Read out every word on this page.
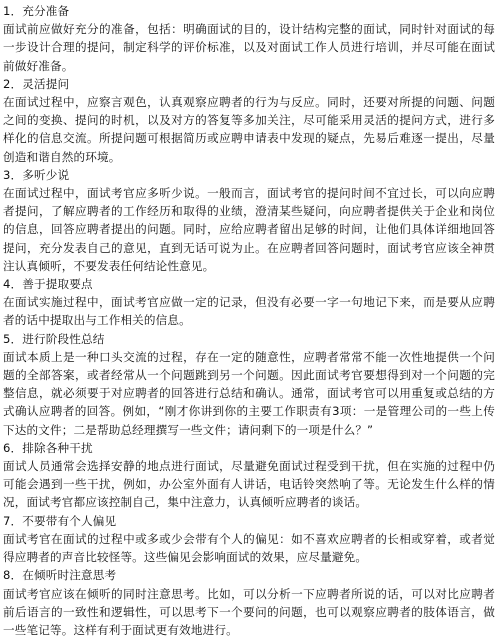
1．充分准备

面试前应做好充分的准备，包括：明确面试的目的，设计结构完整的面试，同时针对面试的每一步设计合理的提问，制定科学的评价标准，以及对面试工作人员进行培训，并尽可能在面试前做好准备。

2．灵活提问

在面试过程中，应察言观色，认真观察应聘者的行为与反应。同时，还要对所提的问题、问题之间的变换、提问的时机，以及对方的答复等多加关注，尽可能采用灵活的提问方式，进行多样化的信息交流。所提问题可根据简历或应聘申请表中发现的疑点，先易后难逐一提出，尽量创造和谐自然的环境。

3．多听少说

在面试过程中，面试考官应多听少说。一般而言，面试考官的提问时间不宜过长，可以向应聘者提问，了解应聘者的工作经历和取得的业绩，澄清某些疑问，向应聘者提供关于企业和岗位的信息，回答应聘者提出的问题。同时，应给应聘者留出足够的时间，让他们具体详细地回答提问，充分发表自己的意见，直到无话可说为止。在应聘者回答问题时，面试考官应该全神贯注认真倾听，不要发表任何结论性意见。

4．善于提取要点

在面试实施过程中，面试考官应做一定的记录，但没有必要一字一句地记下来，而是要从应聘者的话中提取出与工作相关的信息。

5．进行阶段性总结

面试本质上是一种口头交流的过程，存在一定的随意性，应聘者常常不能一次性地提供一个问题的全部答案，或者经常从一个问题跳到另一个问题。因此面试考官要想得到对一个问题的完整信息，就必须要于对应聘者的回答进行总结和确认。通常，面试考官可以用重复或总结的方式确认应聘者的回答。例如，“刚才你讲到你的主要工作职责有3项：一是管理公司的一些上传下达的文件；二是帮助总经理撰写一些文件；请问剩下的一项是什么？”

6．排除各种干扰

面试人员通常会选择安静的地点进行面试，尽量避免面试过程受到干扰，但在实施的过程中仍可能会遇到一些干扰，例如，办公室外面有人讲话，电话铃突然响了等。无论发生什么样的情况，面试考官都应该控制自己，集中注意力，认真倾听应聘者的谈话。

7．不要带有个人偏见

面试考官在面试的过程中或多或少会带有个人的偏见：如不喜欢应聘者的长相或穿着，或者觉得应聘者的声音比较怪等。这些偏见会影响面试的效果，应尽量避免。

8．在倾听时注意思考

面试考官应该在倾听的同时注意思考。比如，可以分析一下应聘者所说的话，可以对比应聘者前后语言的一致性和逻辑性，可以思考下一个要问的问题，也可以观察应聘者的肢体语言，做一些笔记等。这样有利于面试更有效地进行。
